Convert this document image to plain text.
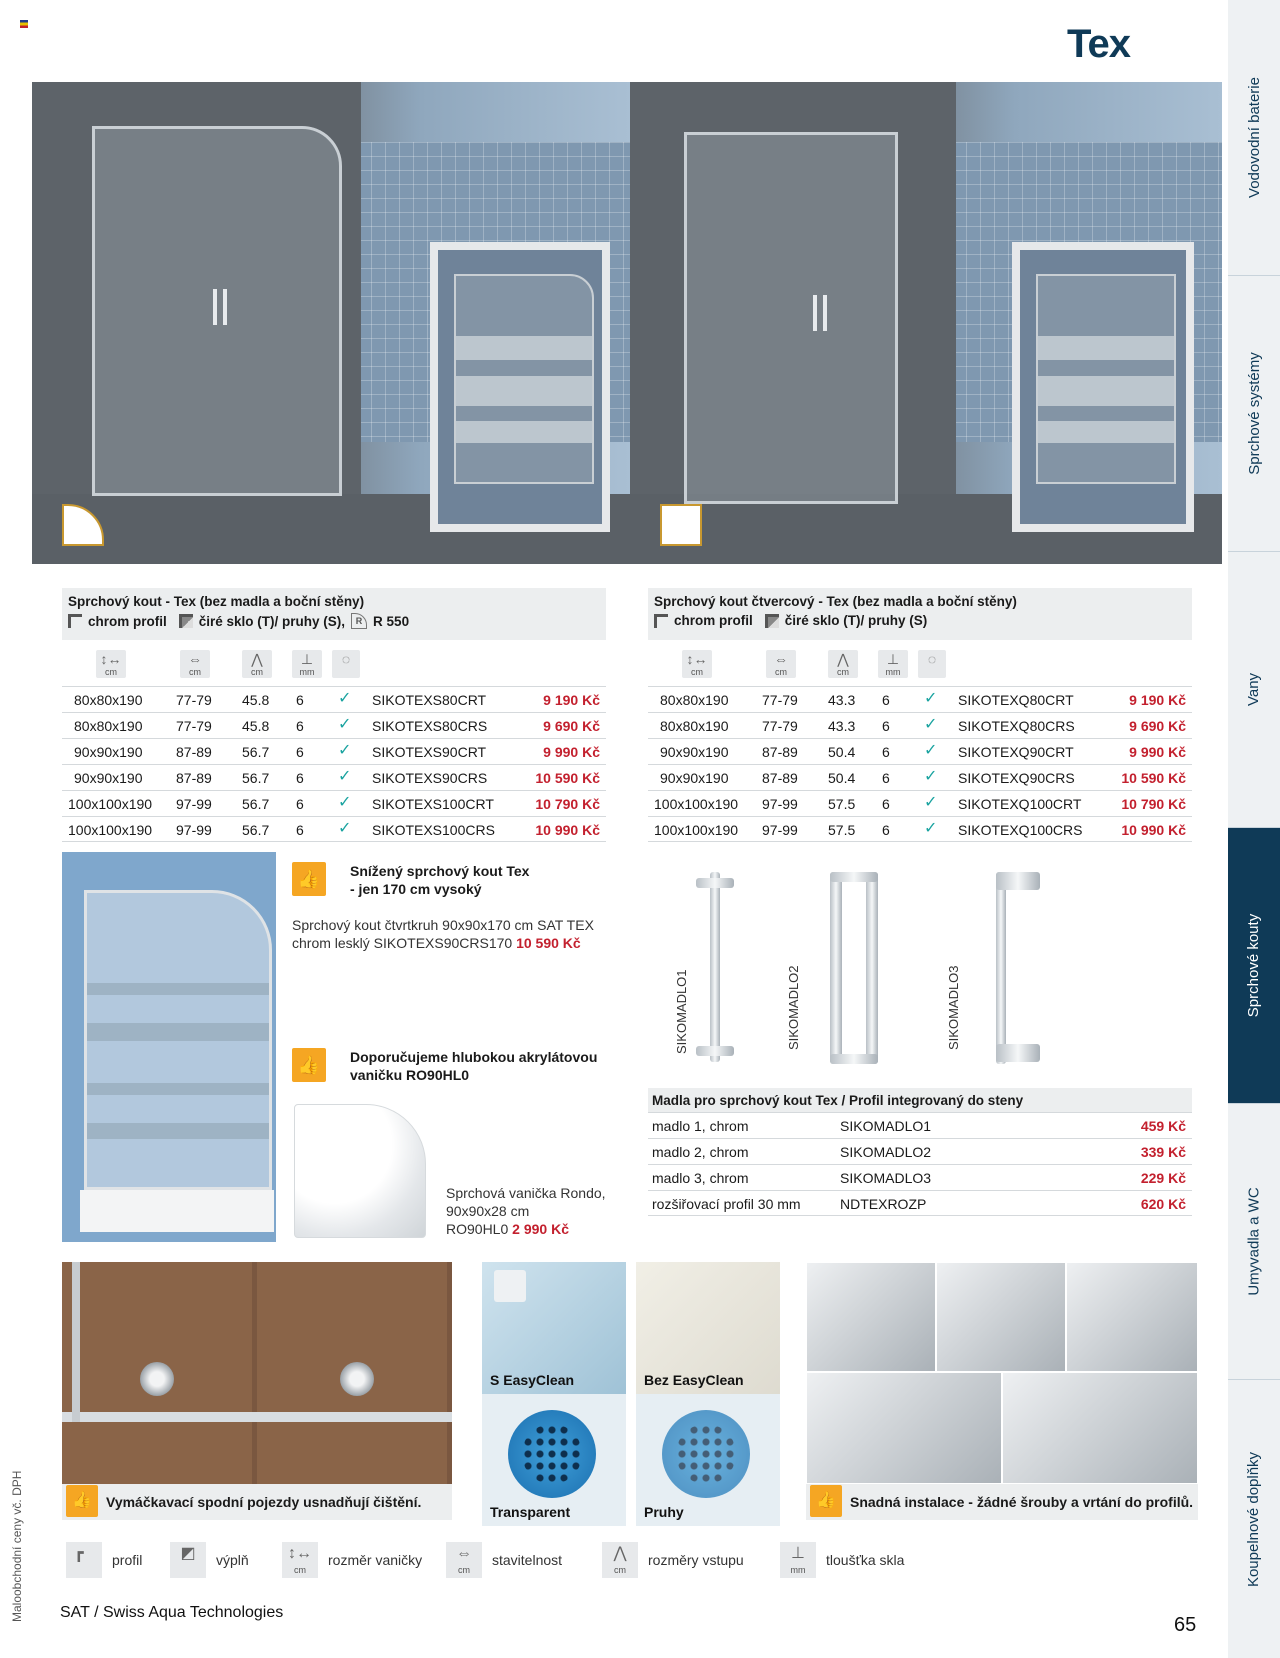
Tex
Vodovodní baterie
Sprchové systémy
Vany
Sprchové kouty
Umyvadla a WC
Koupelnové doplňky
Sprchový kout - Tex (bez madla a boční stěny)
chrom profil čiré sklo (T)/ pruhy (S),	R R 550
↕↔
cm
⇔
cm
⋀
cm
⊥
mm
◌
80x80x190 77-79 45.8 6 ✓ SIKOTEXS80CRT	9 190 Kč
80x80x190 77-79 45.8 6 ✓ SIKOTEXS80CRS	9 690 Kč
90x90x190 87-89 56.7 6 ✓ SIKOTEXS90CRT	9 990 Kč
90x90x190 87-89 56.7 6 ✓ SIKOTEXS90CRS	10 590 Kč
100x100x190 97-99 56.7 6 ✓ SIKOTEXS100CRT	10 790 Kč
100x100x190 97-99 56.7 6 ✓ SIKOTEXS100CRS	10 990 Kč
Sprchový kout čtvercový - Tex (bez madla a boční stěny)
chrom profil čiré sklo (T)/ pruhy (S)
↕↔
cm
⇔
cm
⋀
cm
⊥
mm
◌
80x80x190 77-79 43.3 6 ✓ SIKOTEXQ80CRT	9 190 Kč
80x80x190 77-79 43.3 6 ✓ SIKOTEXQ80CRS	9 690 Kč
90x90x190 87-89 50.4 6 ✓ SIKOTEXQ90CRT	9 990 Kč
90x90x190 87-89 50.4 6 ✓ SIKOTEXQ90CRS	10 590 Kč
100x100x190 97-99 57.5 6 ✓ SIKOTEXQ100CRT	10 790 Kč
100x100x190 97-99 57.5 6 ✓ SIKOTEXQ100CRS	10 990 Kč
👍	Snížený sprchový kout Tex
- jen 170 cm vysoký
Sprchový kout čtvrtkruh 90x90x170 cm SAT TEX
chrom lesklý SIKOTEXS90CRS170 10 590 Kč
👍	Doporučujeme hlubokou akrylátovou
vaničku RO90HL0
Sprchová vanička Rondo,
90x90x28 cm
RO90HL0 2 990 Kč
SIKOMADLO1	SIKOMADLO2	SIKOMADLO3
Madla pro sprchový kout Tex / Profil integrovaný do steny
madlo 1, chrom	SIKOMADLO1	459 Kč
madlo 2, chrom	SIKOMADLO2	339 Kč
madlo 3, chrom	SIKOMADLO3	229 Kč
rozšiřovací profil 30 mm	NDTEXROZP	620 Kč
👍	Vymáčkavací spodní pojezdy usnadňují čištění.
S EasyClean	Bez EasyClean
Transparent	Pruhy
👍	Snadná instalace - žádné šrouby a vrtání do profilů.
┏	profil	◩	výplň	↕↔
cm
rozměr vaničky	⇔
cm
stavitelnost	⋀
cm
rozměry vstupu	⊥
mm
tloušťka skla
SAT / Swiss Aqua Technologies
65
Maloobchodní ceny vč. DPH
